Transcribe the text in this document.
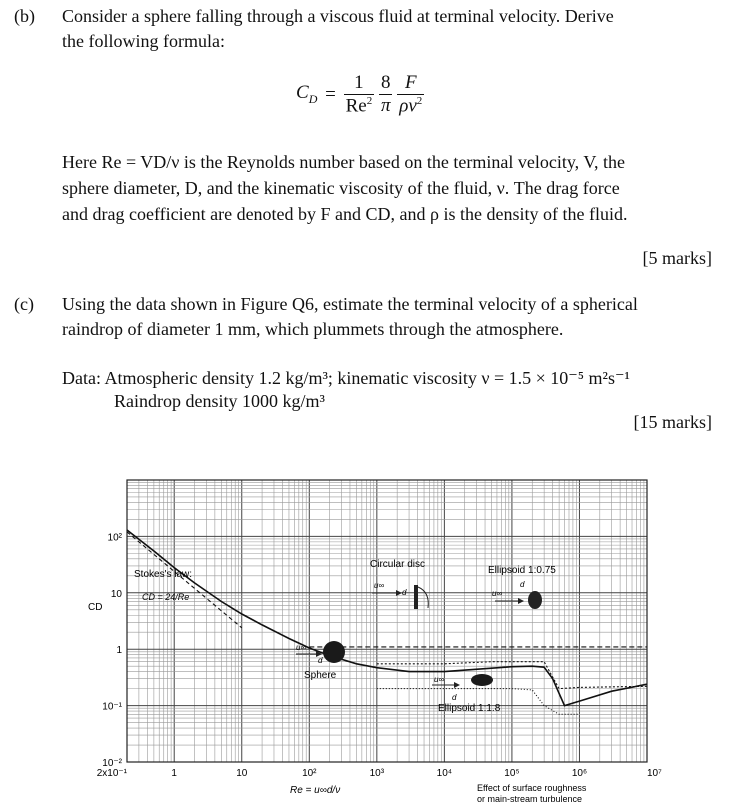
(b) Consider a sphere falling through a viscous fluid at terminal velocity. Derive
the following formula:
$C_D = \frac{1}{Re^2}$
$\frac{8}{\pi}$
$\frac{F}{\rho v^2}$
Here Re = VD/ν is the Reynolds number based on the terminal velocity, V, the
sphere diameter, D, and the kinematic viscosity of the fluid, ν. The drag force
and drag coefficient are denoted by F and CD, and ρ is the density of the fluid.
[5 marks]
(c) Using the data shown in Figure Q6, estimate the terminal velocity of a spherical
raindrop of diameter 1 mm, which plummets through the atmosphere.
Data: Atmospheric density 1.2 kg/m³; kinematic viscosity ν = 1.5 × 10⁻⁵ m²s⁻¹
Raindrop density 1000 kg/m³
[15 marks]
10²
10
1
10⁻¹
10⁻²
2x10⁻¹	1	10	10²	10³	10⁴	10⁵	10⁶	10⁷
CD
Re = u∞d/ν
Stokes's law:
CD = 24/Re
Circular disc
Ellipsoid 1:0.75
Sphere
Ellipsoid 1:1.8
Effect of surface roughness
or main-stream turbulence
u∞
d	u∞
d
u∞
d
u∞
d
